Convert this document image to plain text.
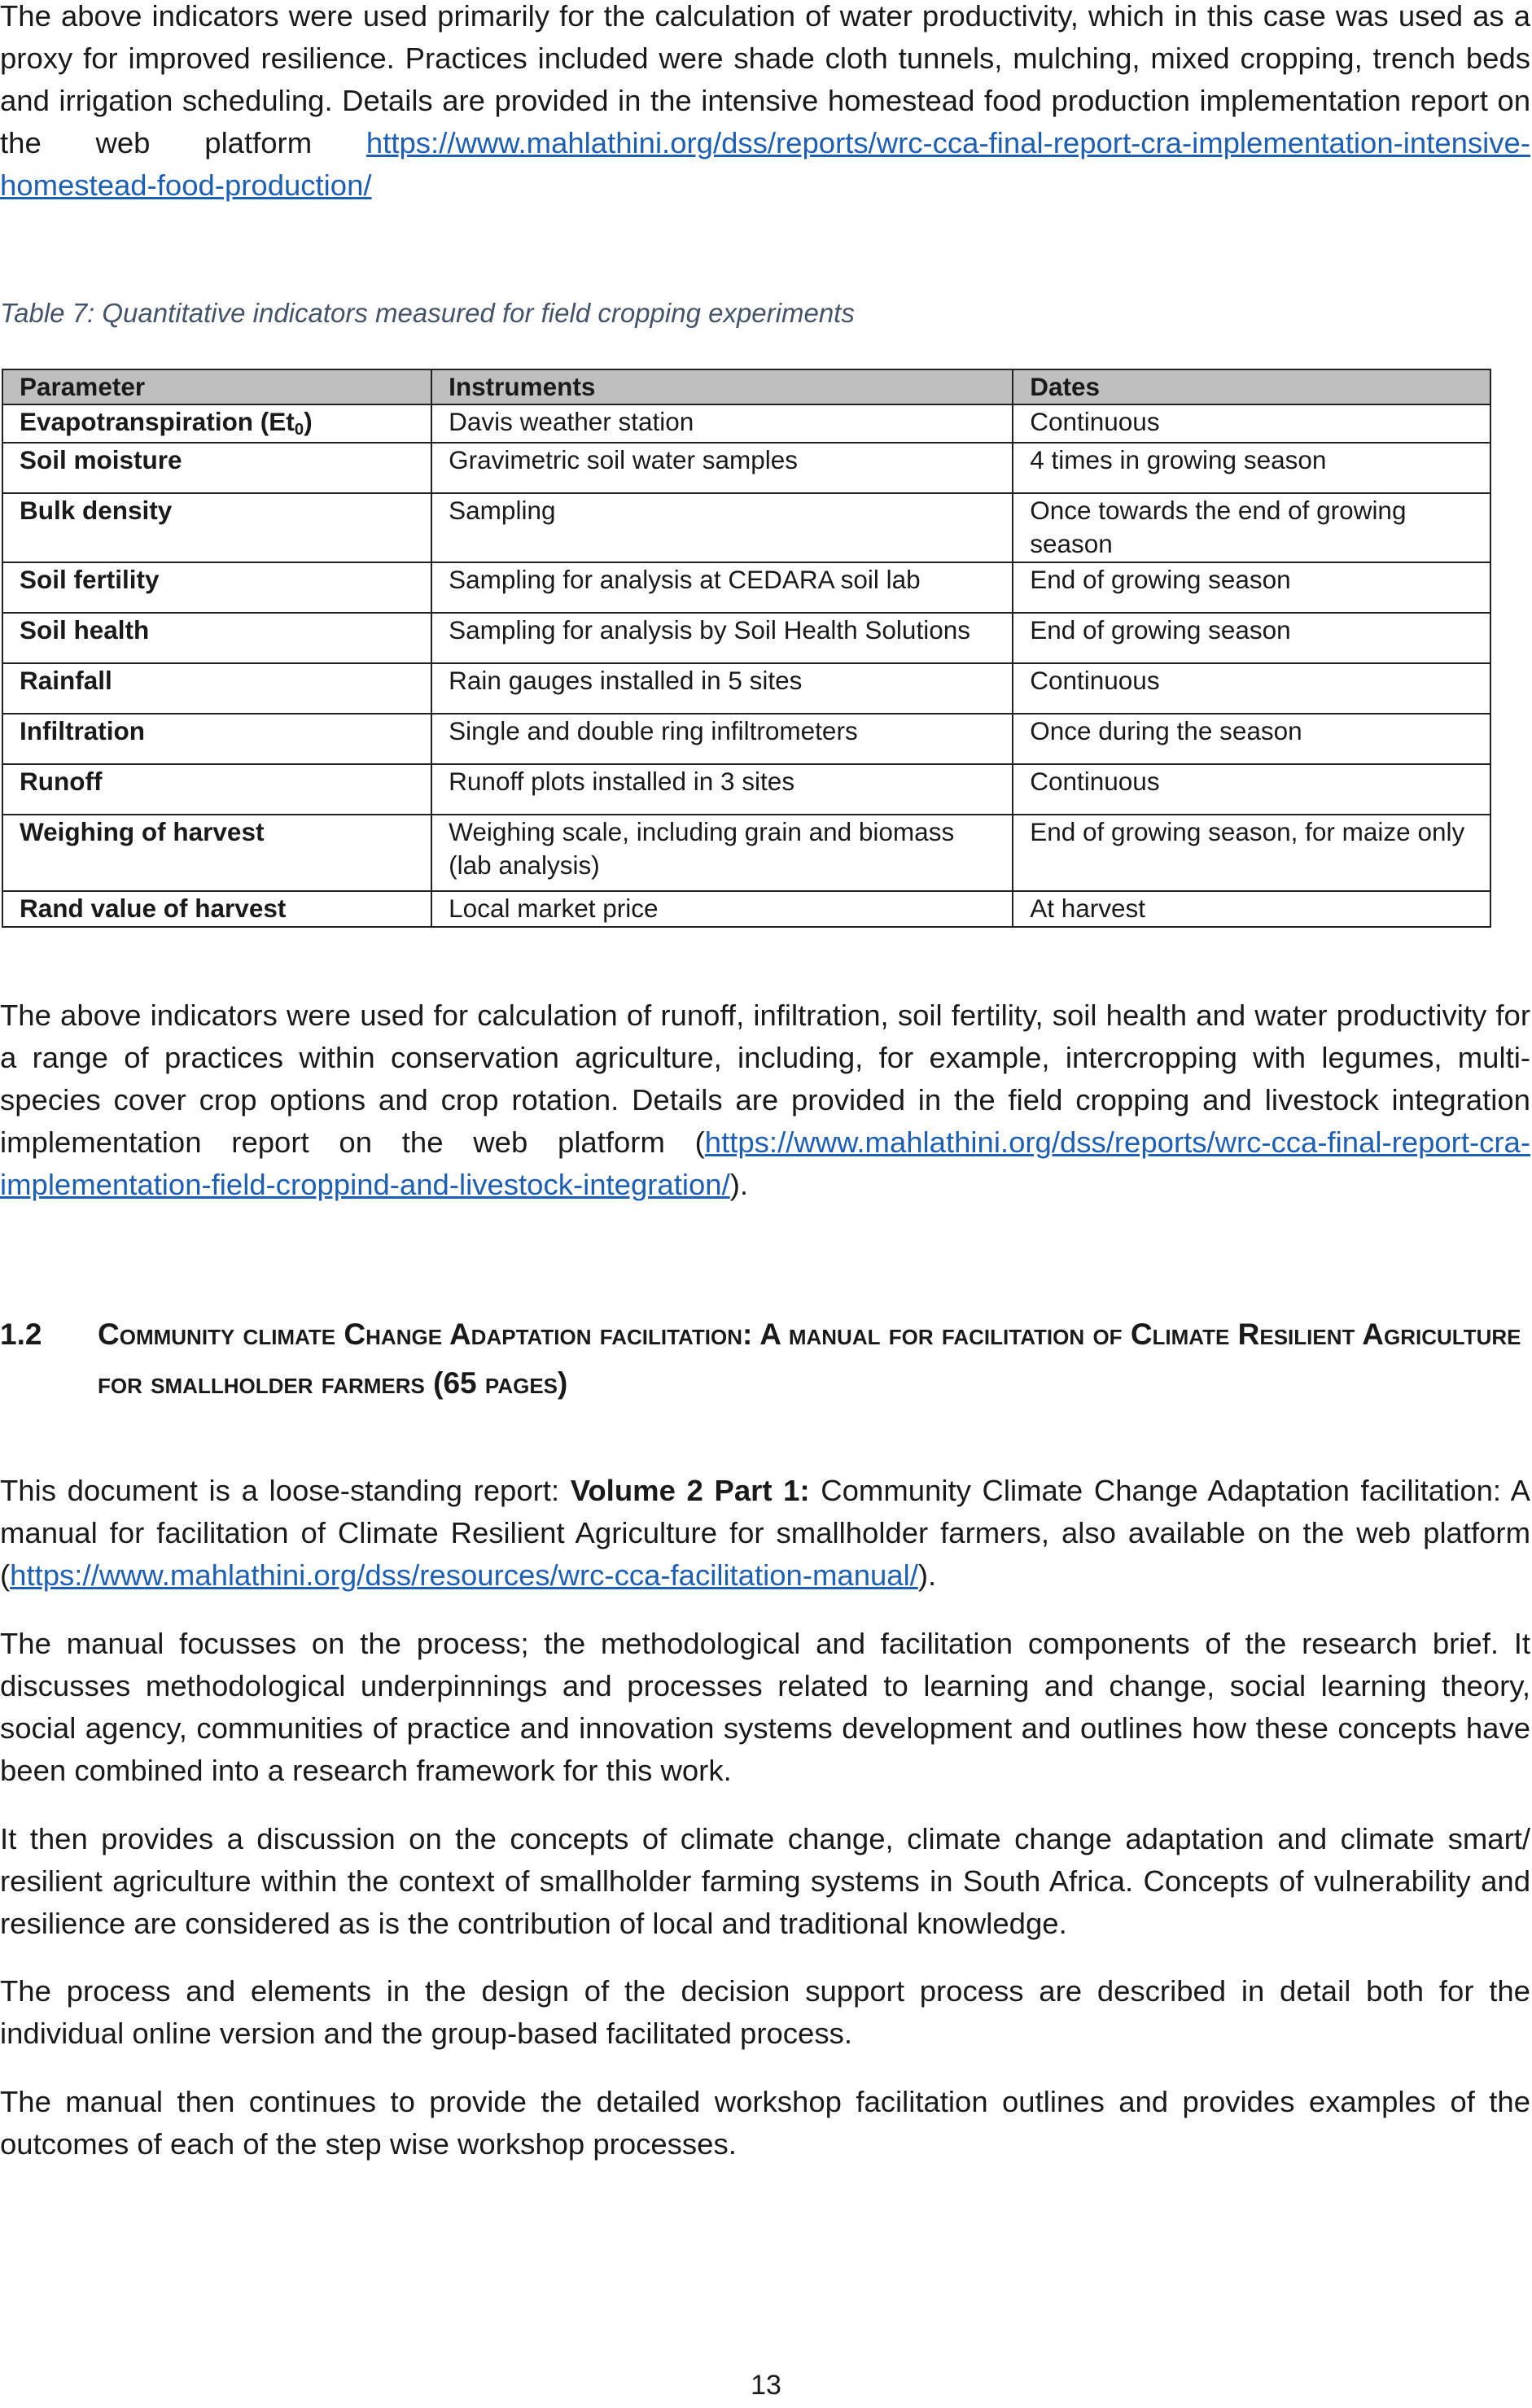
The above indicators were used primarily for the calculation of water productivity, which in this case was used as a proxy for improved resilience. Practices included were shade cloth tunnels, mulching, mixed cropping, trench beds and irrigation scheduling. Details are provided in the intensive homestead food production implementation report on the web platform https://www.mahlathini.org/dss/reports/wrc-cca-final-report-cra-implementation-intensive-homestead-food-production/

Table 7: Quantitative indicators measured for field cropping experiments

Parameter	Instruments	Dates
Evapotranspiration $(Et_0)$	Davis weather station	Continuous
Soil moisture	Gravimetric soil water samples	4 times in growing season
Bulk density	Sampling	Once towards the end of growing season
Soil fertility	Sampling for analysis at CEDARA soil lab	End of growing season
Soil health	Sampling for analysis by Soil Health Solutions	End of growing season
Rainfall	Rain gauges installed in 5 sites	Continuous
Infiltration	Single and double ring infiltrometers	Once during the season
Runoff	Runoff plots installed in 3 sites	Continuous
Weighing of harvest	Weighing scale, including grain and biomass (lab analysis)	End of growing season, for maize only
Rand value of harvest	Local market price	At harvest

The above indicators were used for calculation of runoff, infiltration, soil fertility, soil health and water productivity for a range of practices within conservation agriculture, including, for example, intercropping with legumes, multi-species cover crop options and crop rotation. Details are provided in the field cropping and livestock integration implementation report on the web platform (https://www.mahlathini.org/dss/reports/wrc-cca-final-report-cra-implementation-field-croppind-and-livestock-integration/).

1.2 Community climate Change Adaptation facilitation: A manual for facilitation of Climate Resilient Agriculture for smallholder farmers (65 pages)

This document is a loose-standing report: Volume 2 Part 1: Community Climate Change Adaptation facilitation: A manual for facilitation of Climate Resilient Agriculture for smallholder farmers, also available on the web platform (https://www.mahlathini.org/dss/resources/wrc-cca-facilitation-manual/).

The manual focusses on the process; the methodological and facilitation components of the research brief. It discusses methodological underpinnings and processes related to learning and change, social learning theory, social agency, communities of practice and innovation systems development and outlines how these concepts have been combined into a research framework for this work.

It then provides a discussion on the concepts of climate change, climate change adaptation and climate smart/ resilient agriculture within the context of smallholder farming systems in South Africa. Concepts of vulnerability and resilience are considered as is the contribution of local and traditional knowledge.

The process and elements in the design of the decision support process are described in detail both for the individual online version and the group-based facilitated process.

The manual then continues to provide the detailed workshop facilitation outlines and provides examples of the outcomes of each of the step wise workshop processes.

13
